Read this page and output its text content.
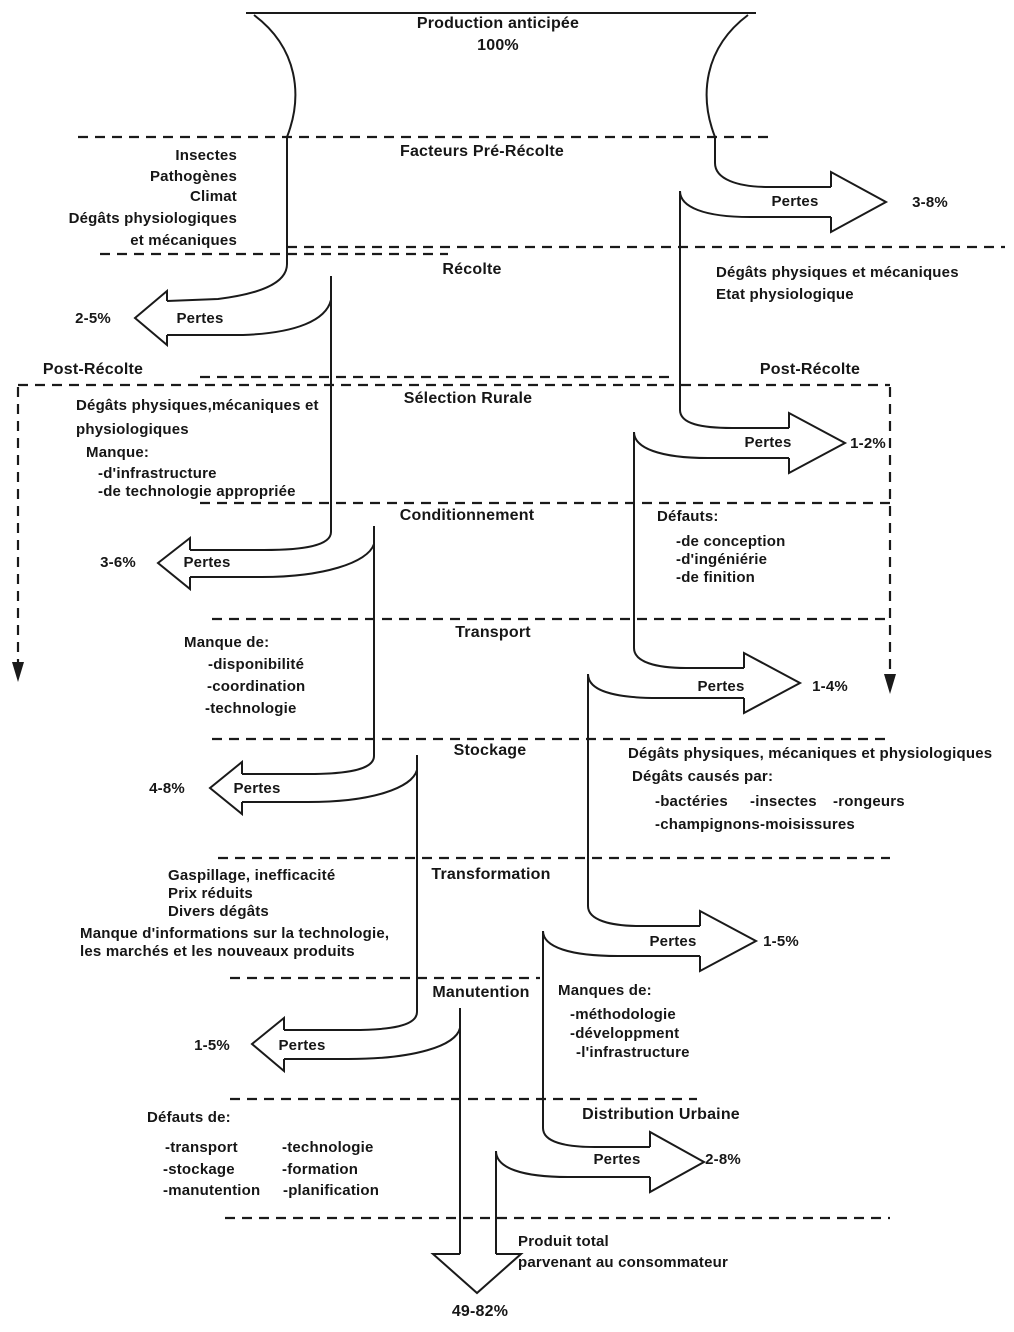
Production anticipée
100%
Facteurs Pré-Récolte
Récolte
Sélection Rurale
Conditionnement
Transport
Stockage
Transformation
Manutention
Distribution Urbaine
Post-Récolte	Post-Récolte
Pertes	3-8%
Pertes
2-5%
Pertes	1-2%
Pertes
3-6%
Pertes	1-4%
Pertes
4-8%
Pertes	1-5%
Pertes
1-5%
Pertes	2-8%
Insectes
Pathogènes
Climat
Dégâts physiologiques
et mécaniques
Dégâts physiques et mécaniques
Etat physiologique
Dégâts physiques,mécaniques et
physiologiques
Manque:
-d'infrastructure
-de technologie appropriée
Défauts:
-de conception
-d'ingéniérie
-de finition
Manque de:
-disponibilité
-coordination
-technologie
Dégâts physiques, mécaniques et physiologiques
Dégâts causés par:
-bactéries -insectes -rongeurs
-champignons -moisissures
Gaspillage, inefficacité
Prix réduits
Divers dégâts
Manque d'informations sur la technologie,
les marchés et les nouveaux produits
Manques de:
-méthodologie
-développment
-l'infrastructure
Défauts de:
-transport
-stockage
-manutention
-technologie
-formation
-planification
Produit total
parvenant au consommateur
49-82%
